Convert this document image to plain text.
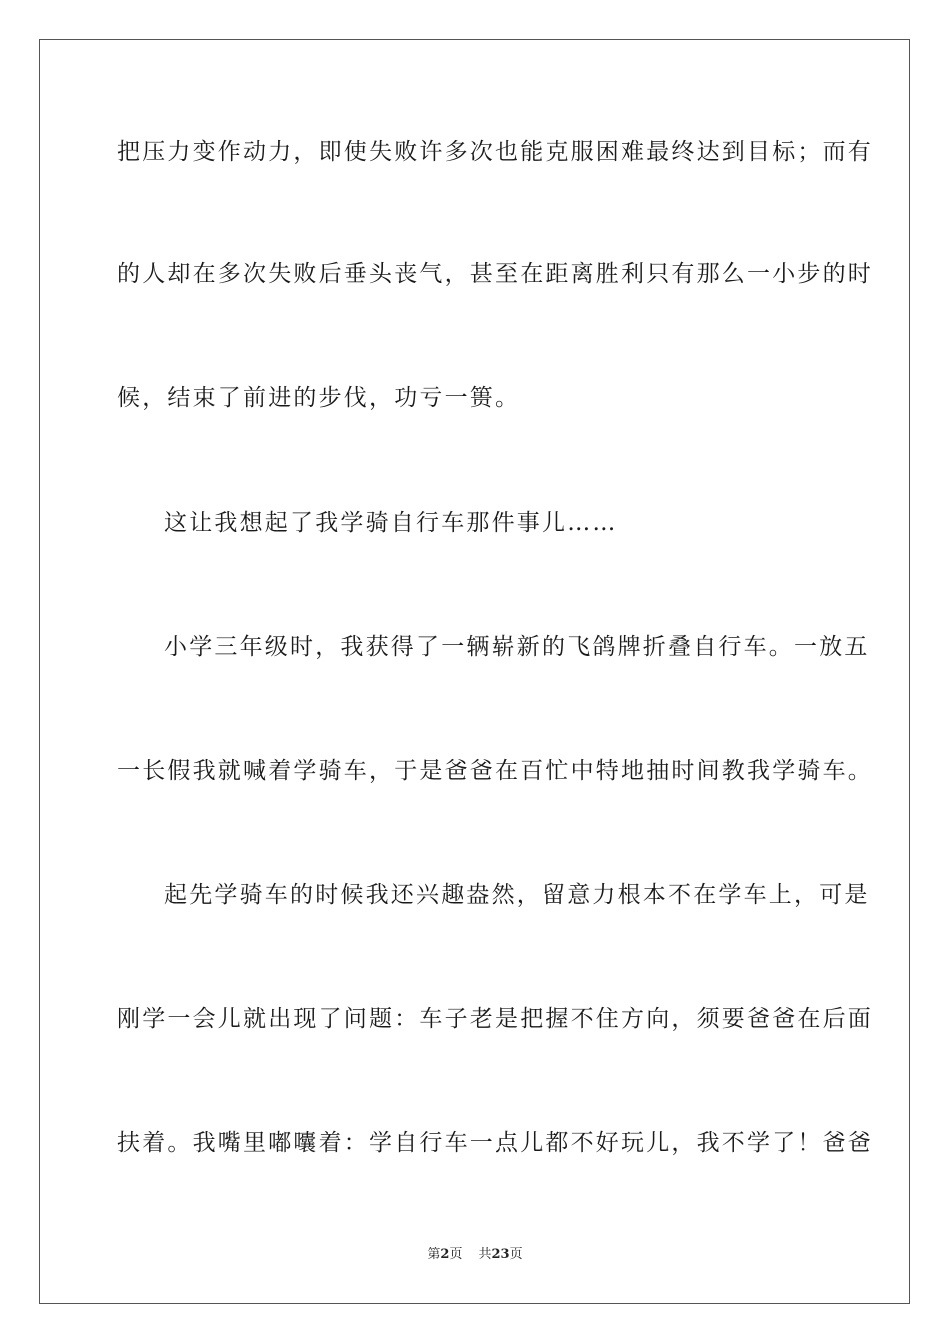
把压力变作动力，即使失败许多次也能克服困难最终达到目标；而有
的人却在多次失败后垂头丧气，甚至在距离胜利只有那么一小步的时
候，结束了前进的步伐，功亏一篑。
这让我想起了我学骑自行车那件事儿……
小学三年级时，我获得了一辆崭新的飞鸽牌折叠自行车。一放五
一长假我就喊着学骑车，于是爸爸在百忙中特地抽时间教我学骑车。
起先学骑车的时候我还兴趣盎然，留意力根本不在学车上，可是
刚学一会儿就出现了问题：车子老是把握不住方向，须要爸爸在后面
扶着。我嘴里嘟囔着：学自行车一点儿都不好玩儿，我不学了！爸爸
第2页 共23页
